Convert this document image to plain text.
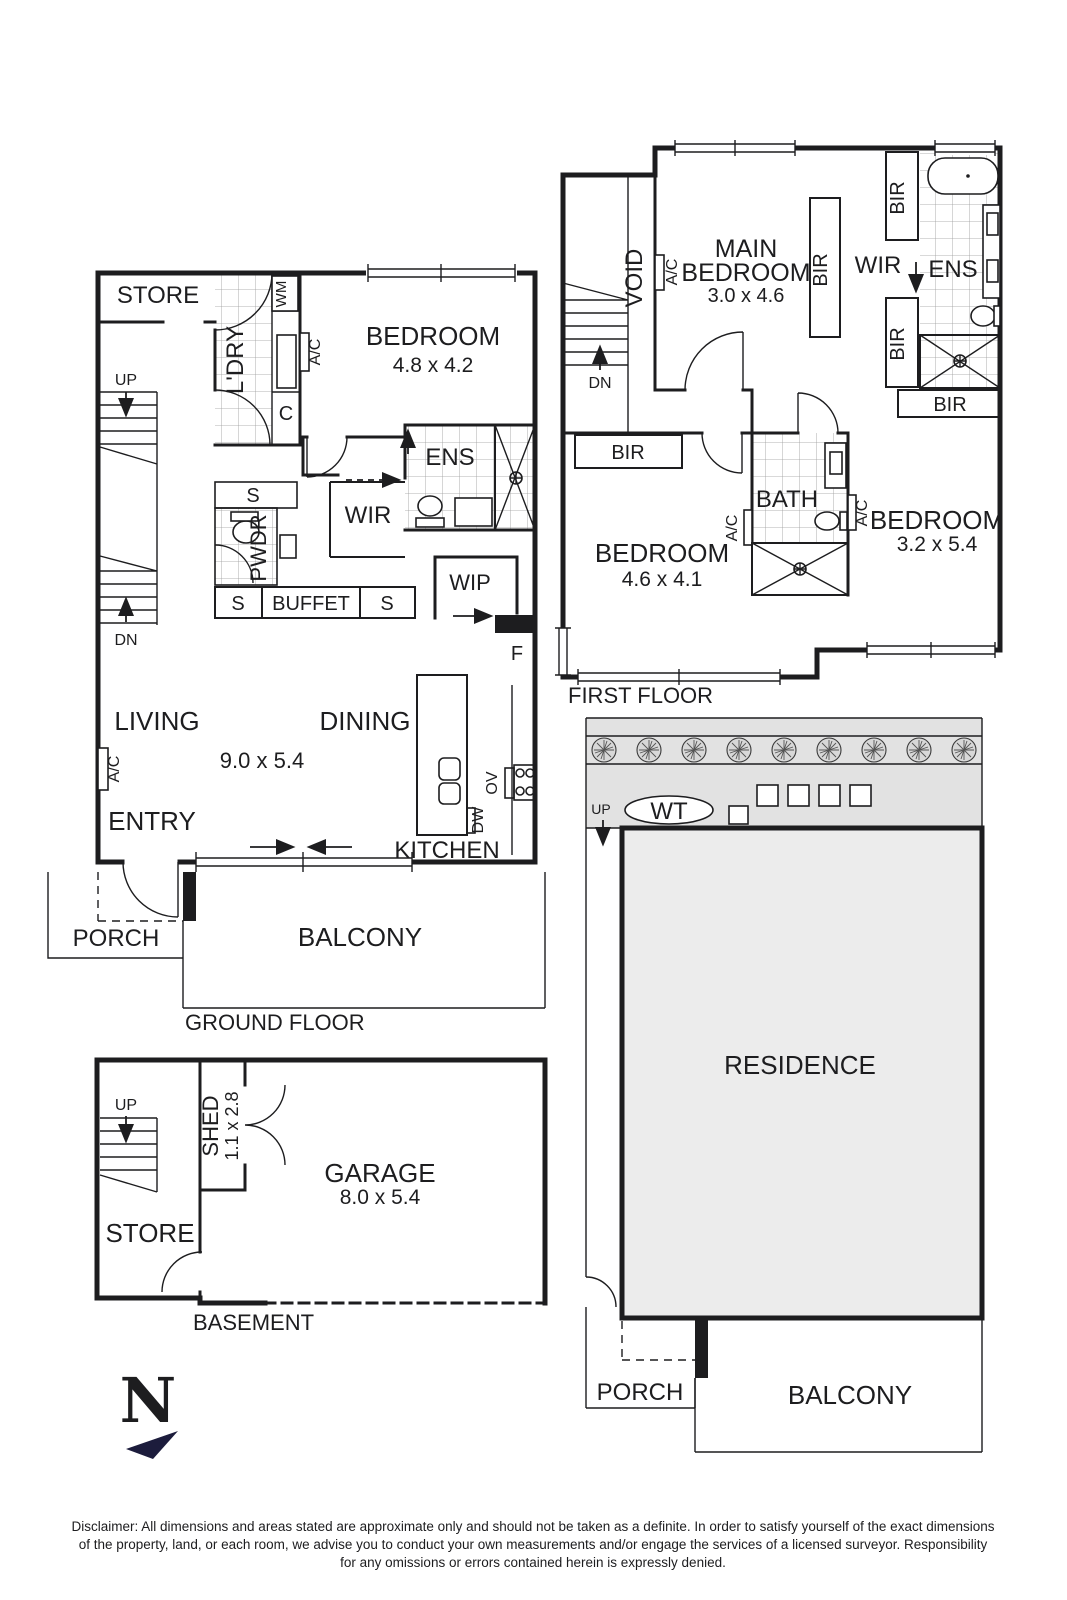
STORE
UP
DN
L'DRY
WM
A/C
BEDROOM
4.8 x 4.2
C
ENS
WIR
S
PWDR
S BUFFET S
WIP
F
LIVING	DINING
9.0 x 5.4
A/C
OV
DW
ENTRY
KITCHEN
PORCH	BALCONY
GROUND FLOOR
VOID
DN
A/C
MAIN
BEDROOM
3.0 x 4.6
BIR WIR
BIR
BIR
ENS
BIR
BIR
BATH
A/C
A/C
BEDROOM
4.6 x 4.1
BEDROOM
3.2 x 5.4
FIRST FLOOR
UP	SHED 1.1 x 2.8
GARAGE
8.0 x 5.4
STORE
BASEMENT
UP WT
RESIDENCE
PORCH	BALCONY
N
Disclaimer: All dimensions and areas stated are approximate only and should not be taken as a definite. In order to satisfy yourself of the exact dimensions
of the property, land, or each room, we advise you to conduct your own measurements and/or engage the services of a licensed surveyor. Responsibility
for any omissions or errors contained herein is expressly denied.
